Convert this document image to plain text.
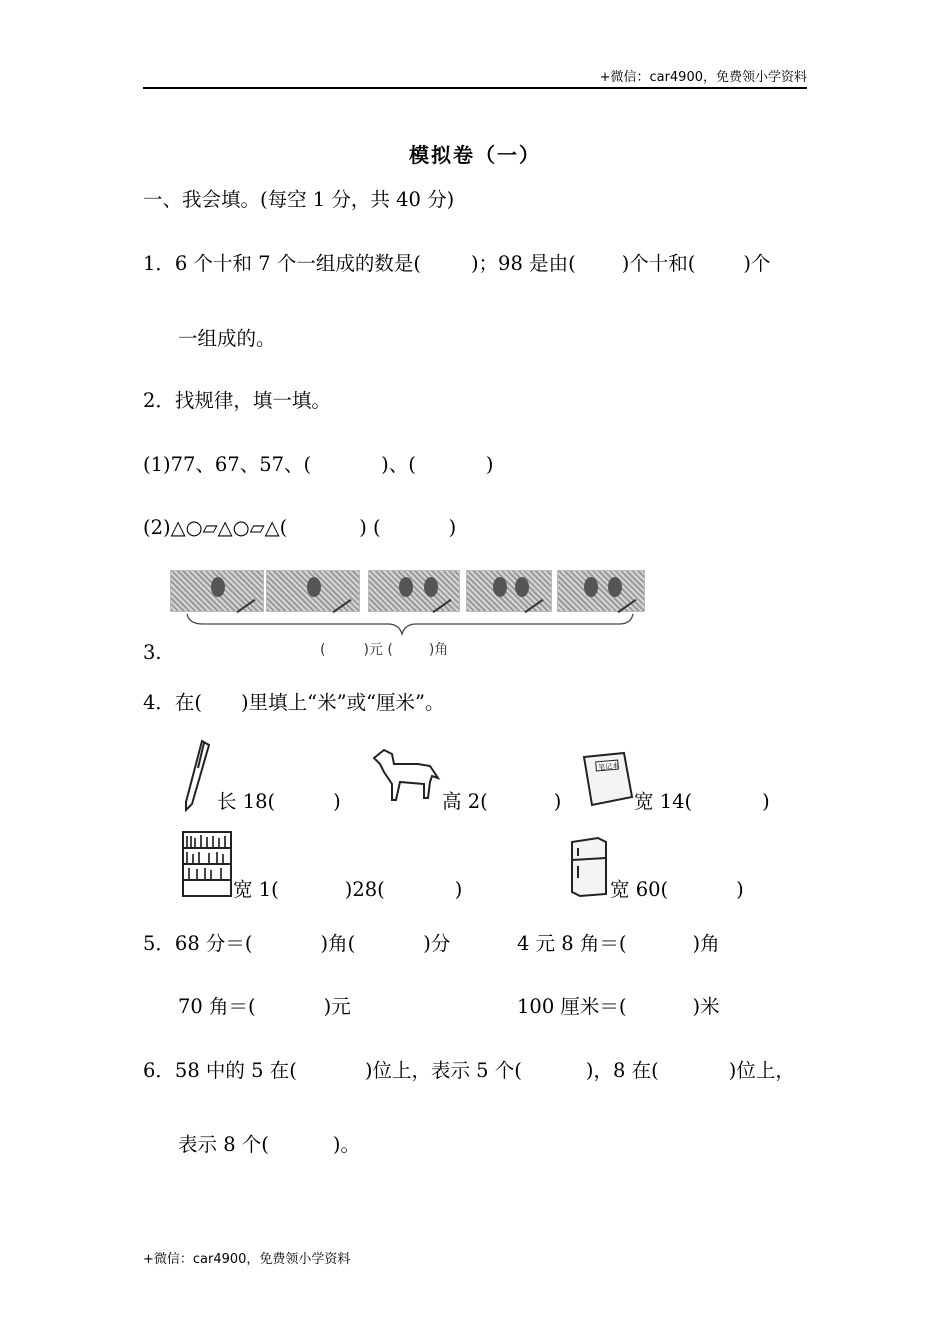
+微信：car4900，免费领小学资料
模拟卷（一）
一、我会填。(每空 1 分，共 40 分)
1．6 个十和 7 个一组成的数是(	)；98 是由( )个十和( )个
一组成的。
2．找规律，填一填。
(1)77、67、57、(	)、(	)
(2)△○▱△○▱△(	) (	)
3.	(	)元 (	)角
4．在(　　)里填上“米”或“厘米”。
长 18(	)	高 2(	)
笔记本
宽 14(	)
宽 1(	)28(	)	宽 60(	)
5．68 分＝(	)角(	)分	4 元 8 角＝(	)角
70 角＝(	)元	100 厘米＝(	)米
6．58 中的 5 在(	)位上，表示 5 个(	)，8 在(	)位上，
表示 8 个(	)。
+微信：car4900，免费领小学资料
